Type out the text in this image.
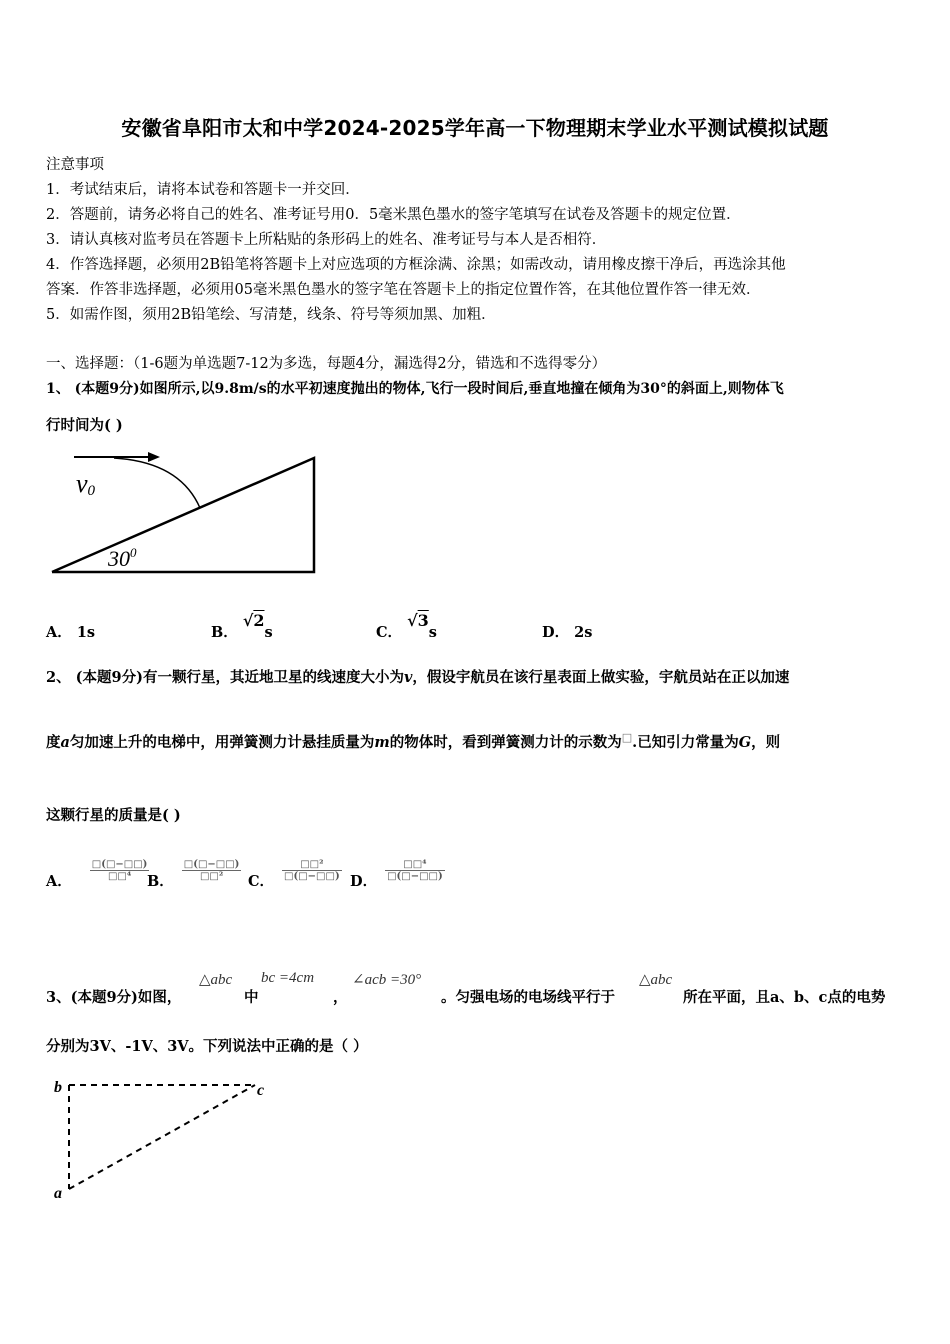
安徽省阜阳市太和中学2024-2025学年高一下物理期末学业水平测试模拟试题
注意事项
1．考试结束后，请将本试卷和答题卡一并交回．
2．答题前，请务必将自己的姓名、准考证号用0．5毫米黑色墨水的签字笔填写在试卷及答题卡的规定位置．
3．请认真核对监考员在答题卡上所粘贴的条形码上的姓名、准考证号与本人是否相符．
4．作答选择题，必须用2B铅笔将答题卡上对应选项的方框涂满、涂黑；如需改动，请用橡皮擦干净后，再选涂其他
答案．作答非选择题，必须用05毫米黑色墨水的签字笔在答题卡上的指定位置作答，在其他位置作答一律无效．
5．如需作图，须用2B铅笔绘、写清楚，线条、符号等须加黑、加粗．
一、选择题：（1-6题为单选题7-12为多选，每题4分，漏选得2分，错选和不选得零分）
1、 (本题9分)如图所示,以9.8m/s的水平初速度抛出的物体,飞行一段时间后,垂直地撞在倾角为30°的斜面上,则物体飞
行时间为( )
v0
$30^0$
A． 1s	B． √2s	C． √3s	D． 2s
2、 (本题9分)有一颗行星，其近地卫星的线速度大小为v，假设宇航员在该行星表面上做实验，宇航员站在正以加速
度a匀加速上升的电梯中，用弹簧测力计悬挂质量为m的物体时，看到弹簧测力计的示数为□.已知引力常量为G，则
这颗行星的质量是( )
A． $\frac{□(□-□□)}{\text{□□⁴}}$
B． $\frac{□(□-□□)}{\text{□□²}}$ C． $\frac{\text{□□²}}{□(□-□□)}$ D． $\frac{\text{□□⁴}}{□(□-□□)}$
3、(本题9分)如图，
△abc
中
bc =4cm
，
∠acb =30°
。匀强电场的电场线平行于
△abc
所在平面，且a、b、c点的电势
分别为3V、-1V、3V。下列说法中正确的是（ ）
b	c
a
